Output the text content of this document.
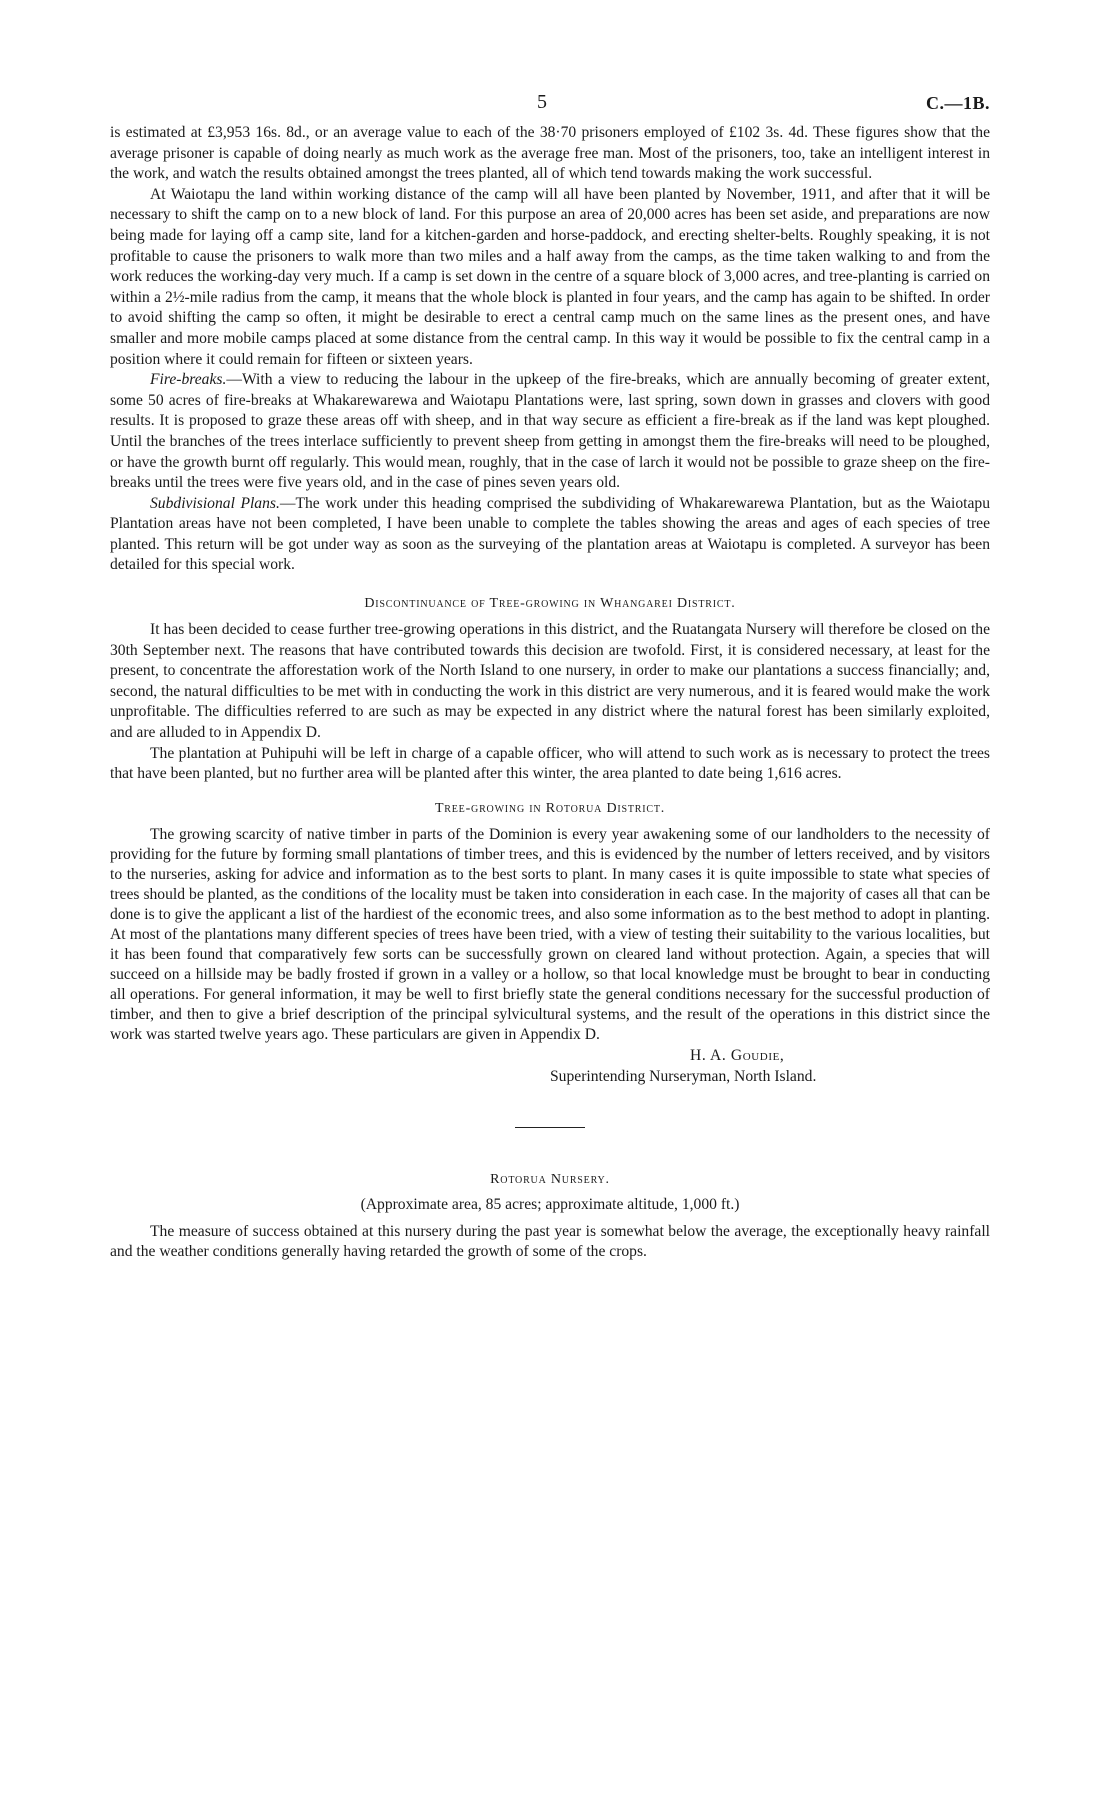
5	C.—1B.

is estimated at £3,953 16s. 8d., or an average value to each of the 38·70 prisoners employed of £102 3s. 4d. These figures show that the average prisoner is capable of doing nearly as much work as the average free man. Most of the prisoners, too, take an intelligent interest in the work, and watch the results obtained amongst the trees planted, all of which tend towards making the work successful.

At Waiotapu the land within working distance of the camp will all have been planted by November, 1911, and after that it will be necessary to shift the camp on to a new block of land. For this purpose an area of 20,000 acres has been set aside, and preparations are now being made for laying off a camp site, land for a kitchen-garden and horse-paddock, and erecting shelter-belts. Roughly speaking, it is not profitable to cause the prisoners to walk more than two miles and a half away from the camps, as the time taken walking to and from the work reduces the working-day very much. If a camp is set down in the centre of a square block of 3,000 acres, and tree-planting is carried on within a 2½-mile radius from the camp, it means that the whole block is planted in four years, and the camp has again to be shifted. In order to avoid shifting the camp so often, it might be desirable to erect a central camp much on the same lines as the present ones, and have smaller and more mobile camps placed at some distance from the central camp. In this way it would be possible to fix the central camp in a position where it could remain for fifteen or sixteen years.

Fire-breaks.—With a view to reducing the labour in the upkeep of the fire-breaks, which are annually becoming of greater extent, some 50 acres of fire-breaks at Whakarewarewa and Waiotapu Plantations were, last spring, sown down in grasses and clovers with good results. It is proposed to graze these areas off with sheep, and in that way secure as efficient a fire-break as if the land was kept ploughed. Until the branches of the trees interlace sufficiently to prevent sheep from getting in amongst them the fire-breaks will need to be ploughed, or have the growth burnt off regularly. This would mean, roughly, that in the case of larch it would not be possible to graze sheep on the fire-breaks until the trees were five years old, and in the case of pines seven years old.

Subdivisional Plans.—The work under this heading comprised the subdividing of Whakarewarewa Plantation, but as the Waiotapu Plantation areas have not been completed, I have been unable to complete the tables showing the areas and ages of each species of tree planted. This return will be got under way as soon as the surveying of the plantation areas at Waiotapu is completed. A surveyor has been detailed for this special work.

Discontinuance of Tree-growing in Whangarei District.

It has been decided to cease further tree-growing operations in this district, and the Ruatangata Nursery will therefore be closed on the 30th September next. The reasons that have contributed towards this decision are twofold. First, it is considered necessary, at least for the present, to concentrate the afforestation work of the North Island to one nursery, in order to make our plantations a success financially; and, second, the natural difficulties to be met with in conducting the work in this district are very numerous, and it is feared would make the work unprofitable. The difficulties referred to are such as may be expected in any district where the natural forest has been similarly exploited, and are alluded to in Appendix D.

The plantation at Puhipuhi will be left in charge of a capable officer, who will attend to such work as is necessary to protect the trees that have been planted, but no further area will be planted after this winter, the area planted to date being 1,616 acres.

Tree-growing in Rotorua District.

The growing scarcity of native timber in parts of the Dominion is every year awakening some of our landholders to the necessity of providing for the future by forming small plantations of timber trees, and this is evidenced by the number of letters received, and by visitors to the nurseries, asking for advice and information as to the best sorts to plant. In many cases it is quite impossible to state what species of trees should be planted, as the conditions of the locality must be taken into consideration in each case. In the majority of cases all that can be done is to give the applicant a list of the hardiest of the economic trees, and also some information as to the best method to adopt in planting. At most of the plantations many different species of trees have been tried, with a view of testing their suitability to the various localities, but it has been found that comparatively few sorts can be successfully grown on cleared land without protection. Again, a species that will succeed on a hillside may be badly frosted if grown in a valley or a hollow, so that local knowledge must be brought to bear in conducting all operations. For general information, it may be well to first briefly state the general conditions necessary for the successful production of timber, and then to give a brief description of the principal sylvicultural systems, and the result of the operations in this district since the work was started twelve years ago. These particulars are given in Appendix D.

H. A. Goudie,
Superintending Nurseryman, North Island.
Rotorua Nursery.
(Approximate area, 85 acres; approximate altitude, 1,000 ft.)

The measure of success obtained at this nursery during the past year is somewhat below the average, the exceptionally heavy rainfall and the weather conditions generally having retarded the growth of some of the crops.
